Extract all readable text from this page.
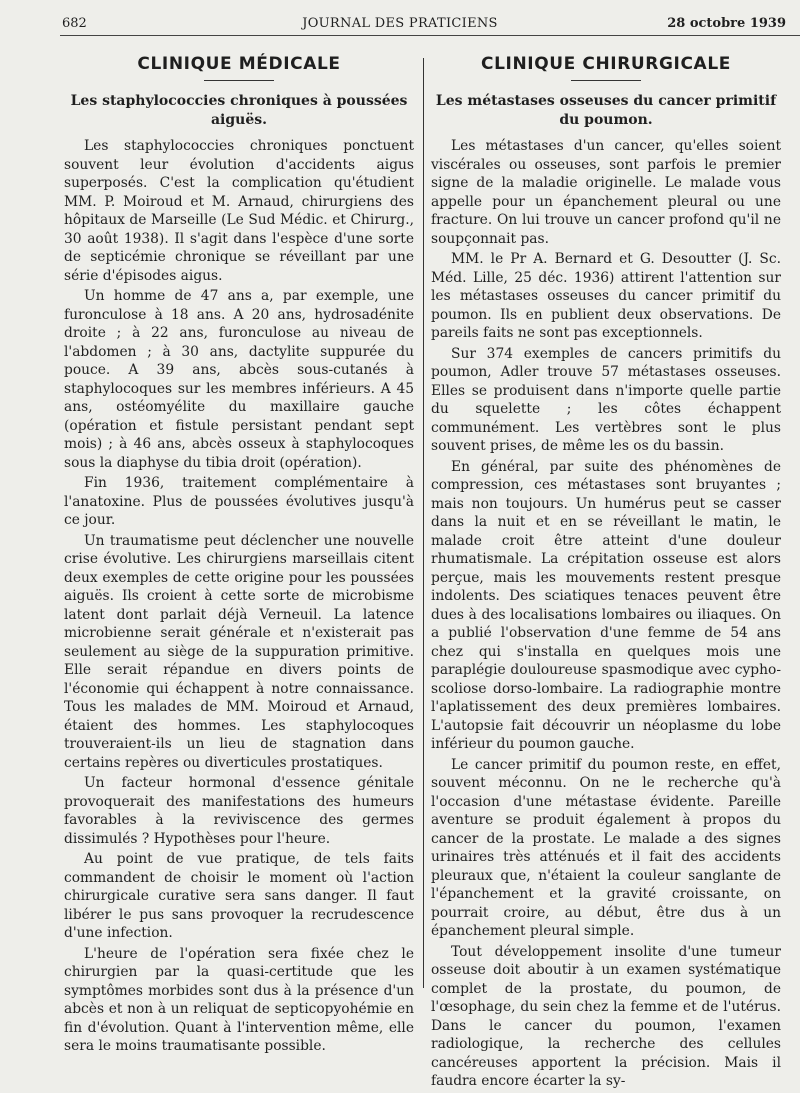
682	JOURNAL DES PRATICIENS	28 octobre 1939
CLINIQUE MÉDICALE
Les staphylococcies chroniques à poussées aiguës.

Les staphylococcies chroniques ponctuent souvent leur évolution d'accidents aigus superposés. C'est la complication qu'étudient MM. P. Moiroud et M. Arnaud, chirurgiens des hôpitaux de Marseille (Le Sud Médic. et Chirurg., 30 août 1938). Il s'agit dans l'espèce d'une sorte de septicémie chronique se réveillant par une série d'épisodes aigus.

Un homme de 47 ans a, par exemple, une furonculose à 18 ans. A 20 ans, hydrosadénite droite ; à 22 ans, furonculose au niveau de l'abdomen ; à 30 ans, dactylite suppurée du pouce. A 39 ans, abcès sous-cutanés à staphylocoques sur les membres inférieurs. A 45 ans, ostéomyélite du maxillaire gauche (opération et fistule persistant pendant sept mois) ; à 46 ans, abcès osseux à staphylocoques sous la diaphyse du tibia droit (opération).

Fin 1936, traitement complémentaire à l'anatoxine. Plus de poussées évolutives jusqu'à ce jour.

Un traumatisme peut déclencher une nouvelle crise évolutive. Les chirurgiens marseillais citent deux exemples de cette origine pour les poussées aiguës. Ils croient à cette sorte de microbisme latent dont parlait déjà Verneuil. La latence microbienne serait générale et n'existerait pas seulement au siège de la suppuration primitive. Elle serait répandue en divers points de l'économie qui échappent à notre connaissance. Tous les malades de MM. Moiroud et Arnaud, étaient des hommes. Les staphylocoques trouveraient-ils un lieu de stagnation dans certains repères ou diverticules prostatiques.

Un facteur hormonal d'essence génitale provoquerait des manifestations des humeurs favorables à la reviviscence des germes dissimulés ? Hypothèses pour l'heure.

Au point de vue pratique, de tels faits commandent de choisir le moment où l'action chirurgicale curative sera sans danger. Il faut libérer le pus sans provoquer la recrudescence d'une infection.

L'heure de l'opération sera fixée chez le chirurgien par la quasi-certitude que les symptômes morbides sont dus à la présence d'un abcès et non à un reliquat de septicopyohémie en fin d'évolution. Quant à l'intervention même, elle sera le moins traumatisante possible.

CLINIQUE CHIRURGICALE
Les métastases osseuses du cancer primitif du poumon.

Les métastases d'un cancer, qu'elles soient viscérales ou osseuses, sont parfois le premier signe de la maladie originelle. Le malade vous appelle pour un épanchement pleural ou une fracture. On lui trouve un cancer profond qu'il ne soupçonnait pas.

MM. le Pr A. Bernard et G. Desoutter (J. Sc. Méd. Lille, 25 déc. 1936) attirent l'attention sur les métastases osseuses du cancer primitif du poumon. Ils en publient deux observations. De pareils faits ne sont pas exceptionnels.

Sur 374 exemples de cancers primitifs du poumon, Adler trouve 57 métastases osseuses. Elles se produisent dans n'importe quelle partie du squelette ; les côtes échappent communément. Les vertèbres sont le plus souvent prises, de même les os du bassin.

En général, par suite des phénomènes de compression, ces métastases sont bruyantes ; mais non toujours. Un humérus peut se casser dans la nuit et en se réveillant le matin, le malade croit être atteint d'une douleur rhumatismale. La crépitation osseuse est alors perçue, mais les mouvements restent presque indolents. Des sciatiques tenaces peuvent être dues à des localisations lombaires ou iliaques. On a publié l'observation d'une femme de 54 ans chez qui s'installa en quelques mois une paraplégie douloureuse spasmodique avec cypho-scoliose dorso-lombaire. La radiographie montre l'aplatissement des deux premières lombaires. L'autopsie fait découvrir un néoplasme du lobe inférieur du poumon gauche.

Le cancer primitif du poumon reste, en effet, souvent méconnu. On ne le recherche qu'à l'occasion d'une métastase évidente. Pareille aventure se produit également à propos du cancer de la prostate. Le malade a des signes urinaires très atténués et il fait des accidents pleuraux que, n'étaient la couleur sanglante de l'épanchement et la gravité croissante, on pourrait croire, au début, être dus à un épanchement pleural simple.

Tout développement insolite d'une tumeur osseuse doit aboutir à un examen systématique complet de la prostate, du poumon, de l'œsophage, du sein chez la femme et de l'utérus. Dans le cancer du poumon, l'examen radiologique, la recherche des cellules cancéreuses apportent la précision. Mais il faudra encore écarter la sy-
